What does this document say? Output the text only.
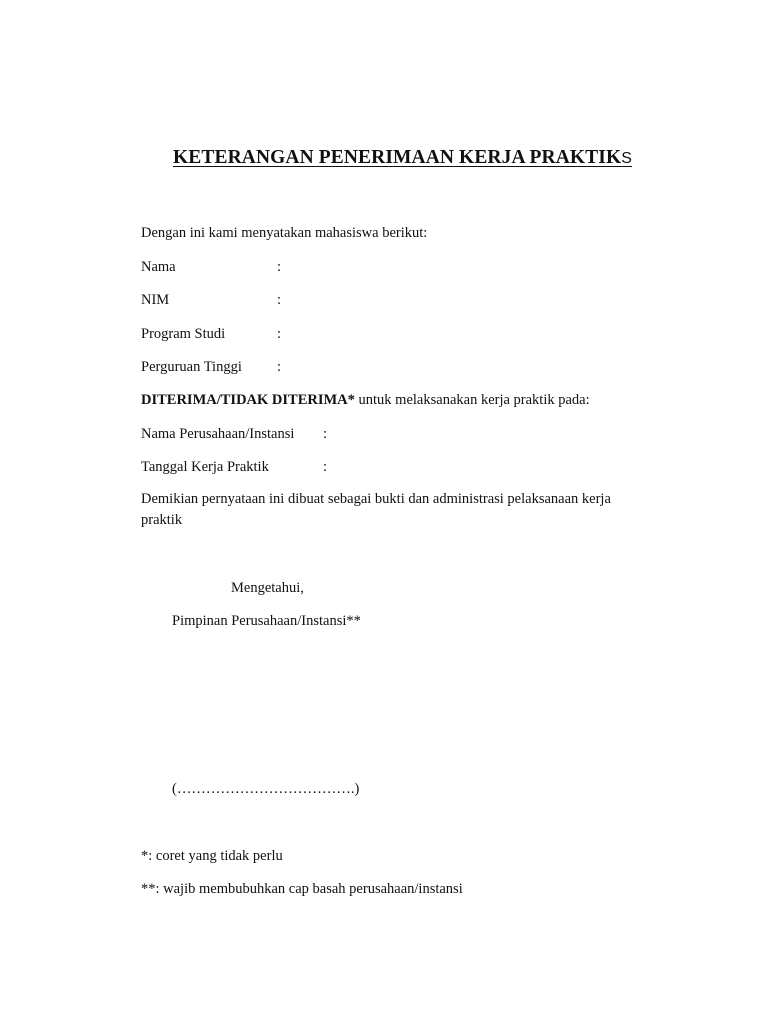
KETERANGAN PENERIMAAN KERJA PRAKTIKS
Dengan ini kami menyatakan mahasiswa berikut:
Nama	:
NIM	:
Program Studi	:
Perguruan Tinggi :
DITERIMA/TIDAK DITERIMA* untuk melaksanakan kerja praktik pada:
Nama Perusahaan/Instansi :
Tanggal Kerja Praktik	:
Demikian pernyataan ini dibuat sebagai bukti dan administrasi pelaksanaan kerja praktik
Mengetahui,
Pimpinan Perusahaan/Instansi**
(……………………………….)
*: coret yang tidak perlu
**: wajib membubuhkan cap basah perusahaan/instansi
